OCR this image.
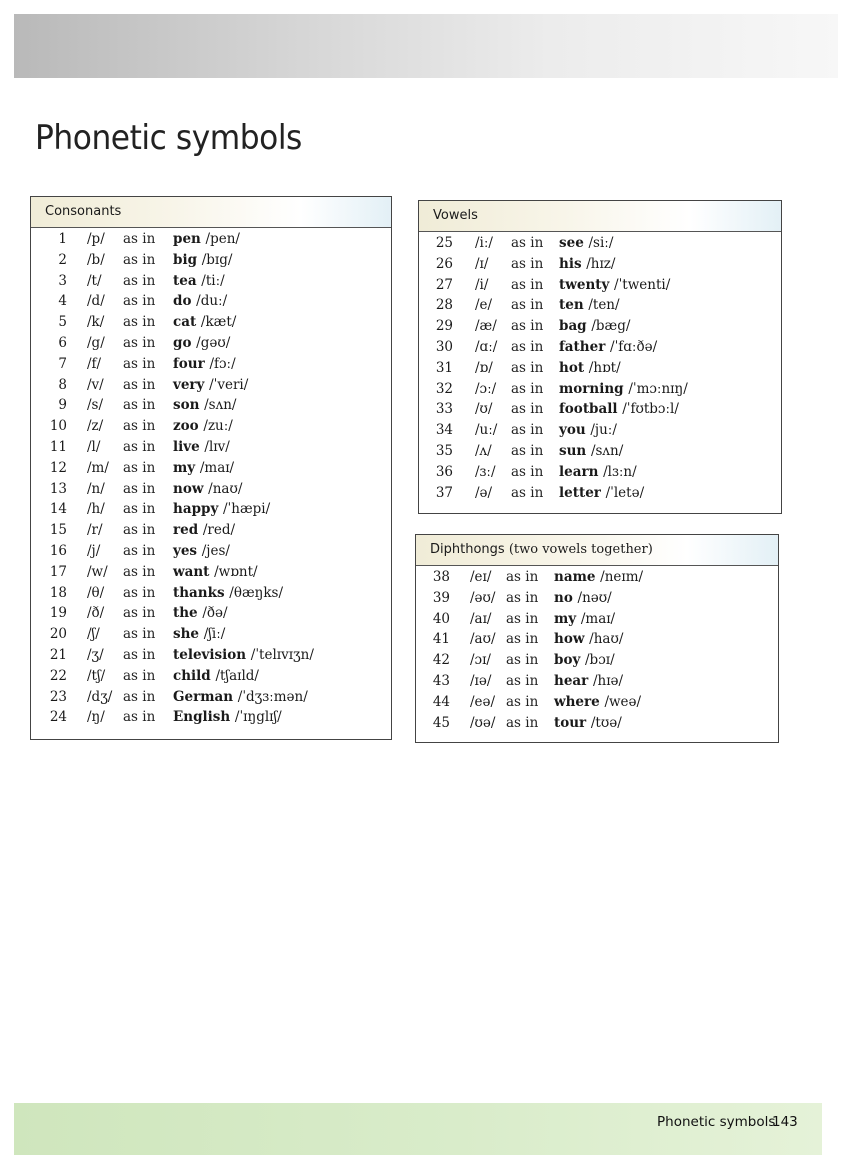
Phonetic symbols
Consonants
1 /p/ as in pen /pen/
2 /b/ as in big /bɪg/
3 /t/ as in tea /tiː/
4 /d/ as in do /duː/
5 /k/ as in cat /kæt/
6 /g/ as in go /gəʊ/
7 /f/ as in four /fɔː/
8 /v/ as in very /ˈveri/
9 /s/ as in son /sʌn/
10 /z/ as in zoo /zuː/
11 /l/ as in live /lɪv/
12 /m/ as in my /maɪ/
13 /n/ as in now /naʊ/
14 /h/ as in happy /ˈhæpi/
15 /r/ as in red /red/
16 /j/ as in yes /jes/
17 /w/ as in want /wɒnt/
18 /θ/ as in thanks /θæŋks/
19 /ð/ as in the /ðə/
20 /ʃ/ as in she /ʃiː/
21 /ʒ/ as in television /ˈtelɪvɪʒn/
22 /tʃ/ as in child /tʃaɪld/
23 /dʒ/ as in German /ˈdʒɜːmən/
24 /ŋ/ as in English /ˈɪŋglɪʃ/
Vowels
25 /iː/ as in see /siː/
26 /ɪ/ as in his /hɪz/
27 /i/ as in twenty /ˈtwenti/
28 /e/ as in ten /ten/
29 /æ/ as in bag /bæg/
30 /ɑː/ as in father /ˈfɑːðə/
31 /ɒ/ as in hot /hɒt/
32 /ɔː/ as in morning /ˈmɔːnɪŋ/
33 /ʊ/ as in football /ˈfʊtbɔːl/
34 /uː/ as in you /juː/
35 /ʌ/ as in sun /sʌn/
36 /ɜː/ as in learn /lɜːn/
37 /ə/ as in letter /ˈletə/
Diphthongs (two vowels together)
38 /eɪ/ as in name /neɪm/
39 /əʊ/ as in no /nəʊ/
40 /aɪ/ as in my /maɪ/
41 /aʊ/ as in how /haʊ/
42 /ɔɪ/ as in boy /bɔɪ/
43 /ɪə/ as in hear /hɪə/
44 /eə/ as in where /weə/
45 /ʊə/ as in tour /tʊə/
Phonetic symbols
143
